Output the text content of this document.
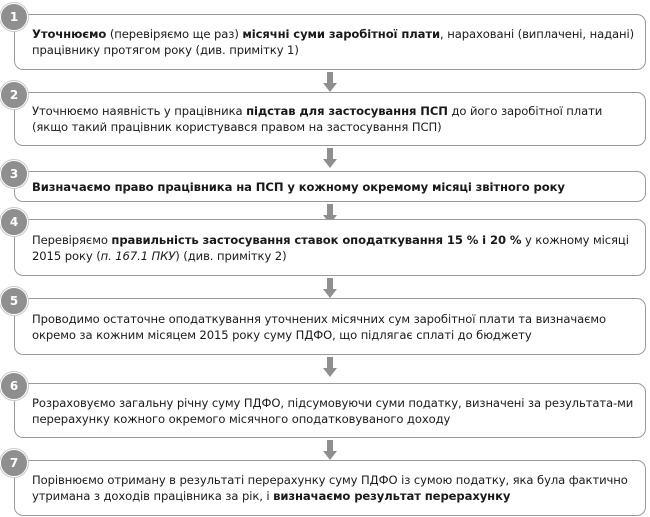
Уточнюємо (перевіряємо ще раз) місячні суми заробітної плати, нараховані (виплачені, надані) працівнику протягом року (див. примітку 1)

1

Уточнюємо наявність у працівника підстав для застосування ПСП до його заробітної плати (якщо такий працівник користувався правом на застосування ПСП)

2

Визначаємо право працівника на ПСП у кожному окремому місяці звітного року

3

Перевіряємо правильність застосування ставок оподаткування 15 % і 20 % у кожному місяці 2015 року (п. 167.1 ПКУ) (див. примітку 2)

4

Проводимо остаточне оподаткування уточнених місячних сум заробітної плати та визначаємо окремо за кожним місяцем 2015 року суму ПДФО, що підлягає сплаті до бюджету

5

Розраховуємо загальну річну суму ПДФО, підсумовуючи суми податку, визначені за результата-ми перерахунку кожного окремого місячного оподатковуваного доходу

6

Порівнюємо отриману в результаті перерахунку суму ПДФО із сумою податку, яка була фактично утримана з доходів працівника за рік, і визначаємо результат перерахунку

7
